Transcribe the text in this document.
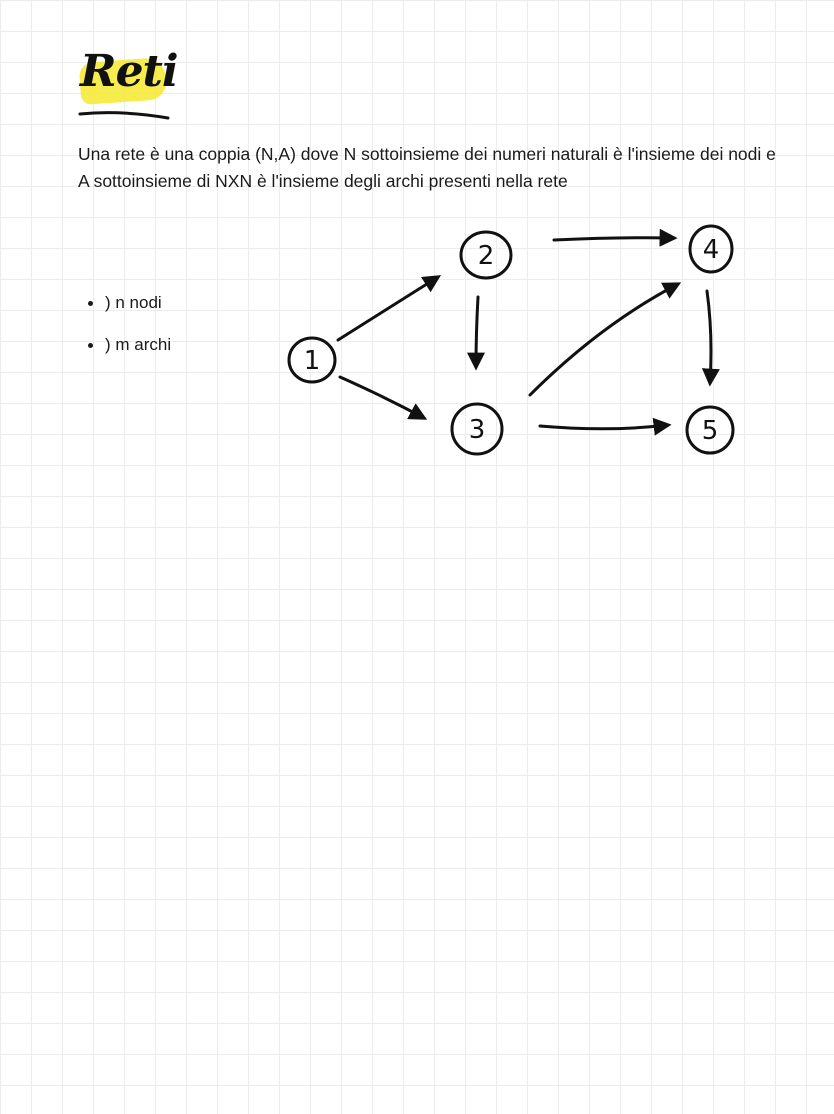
Reti
Una rete è una coppia (N,A) dove N sottoinsieme dei numeri naturali è l'insieme dei nodi e A sottoinsieme di NXN è l'insieme degli archi presenti nella rete
) n nodi
) m archi
1
2
3
4
5
